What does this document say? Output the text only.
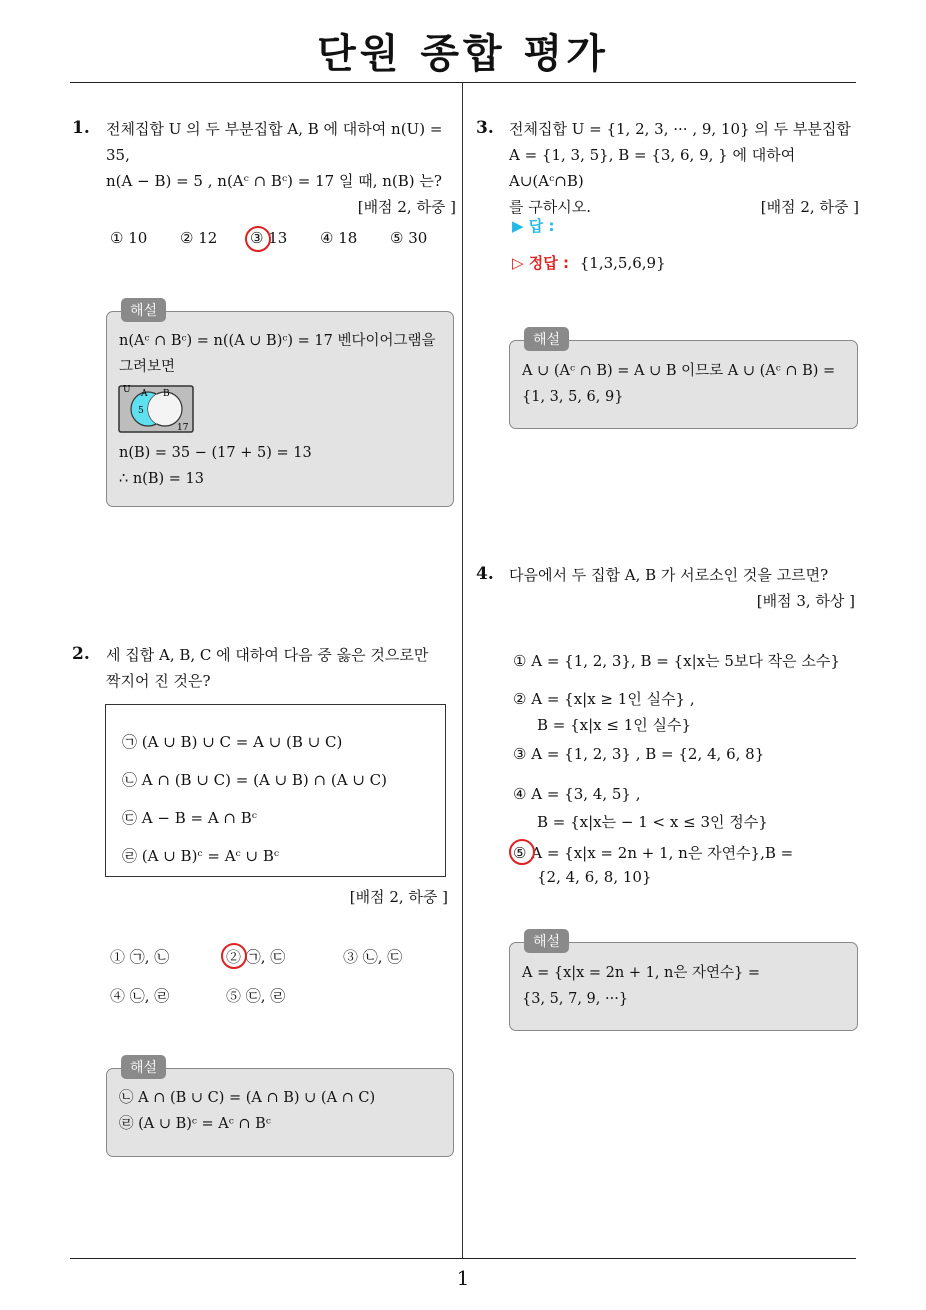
단원 종합 평가
1. 전체집합 U 의 두 부분집합 A, B 에 대하여 n(U) = 35,
n(A − B) = 5 , n(Aᶜ ∩ Bᶜ) = 17 일 때, n(B) 는?
[배점 2, 하중 ]
① 10 ② 12 ③ 13 ④ 18 ⑤ 30
해설
n(Aᶜ ∩ Bᶜ) = n((A ∪ B)ᶜ) = 17 벤다이어그램을
그려보면
U A B
5
17
n(B) = 35 − (17 + 5) = 13
∴ n(B) = 13
2. 세 집합 A, B, C 에 대하여 다음 중 옳은 것으로만
짝지어 진 것은?
㉠ (A ∪ B) ∪ C = A ∪ (B ∪ C)
㉡ A ∩ (B ∪ C) = (A ∪ B) ∩ (A ∪ C)
㉢ A − B = A ∩ Bᶜ
㉣ (A ∪ B)ᶜ = Aᶜ ∪ Bᶜ
[배점 2, 하중 ]
① ㉠, ㉡	② ㉠, ㉢	③ ㉡, ㉢
④ ㉡, ㉣	⑤ ㉢, ㉣
해설
㉡ A ∩ (B ∪ C) = (A ∩ B) ∪ (A ∩ C)
㉣ (A ∪ B)ᶜ = Aᶜ ∩ Bᶜ
3. 전체집합 U = {1, 2, 3, ··· , 9, 10} 의 두 부분집합
A = {1, 3, 5}, B = {3, 6, 9, } 에 대하여 A∪(Aᶜ∩B)
를 구하시오.	[배점 2, 하중 ]
▶ 답 :
▷ 정답 : {1,3,5,6,9}
해설
A ∪ (Aᶜ ∩ B) = A ∪ B 이므로 A ∪ (Aᶜ ∩ B) =
{1, 3, 5, 6, 9}
4. 다음에서 두 집합 A, B 가 서로소인 것을 고르면?
[배점 3, 하상 ]
① A = {1, 2, 3}, B = {x|x는 5보다 작은 소수}
② A = {x|x ≥ 1인 실수} ,
B = {x|x ≤ 1인 실수}
③ A = {1, 2, 3} , B = {2, 4, 6, 8}
④ A = {3, 4, 5} ,
B = {x|x는 − 1 < x ≤ 3인 정수}
⑤ A = {x|x = 2n + 1, n은 자연수},B =
{2, 4, 6, 8, 10}
해설
A = {x|x = 2n + 1, n은 자연수} =
{3, 5, 7, 9, ···}
1
